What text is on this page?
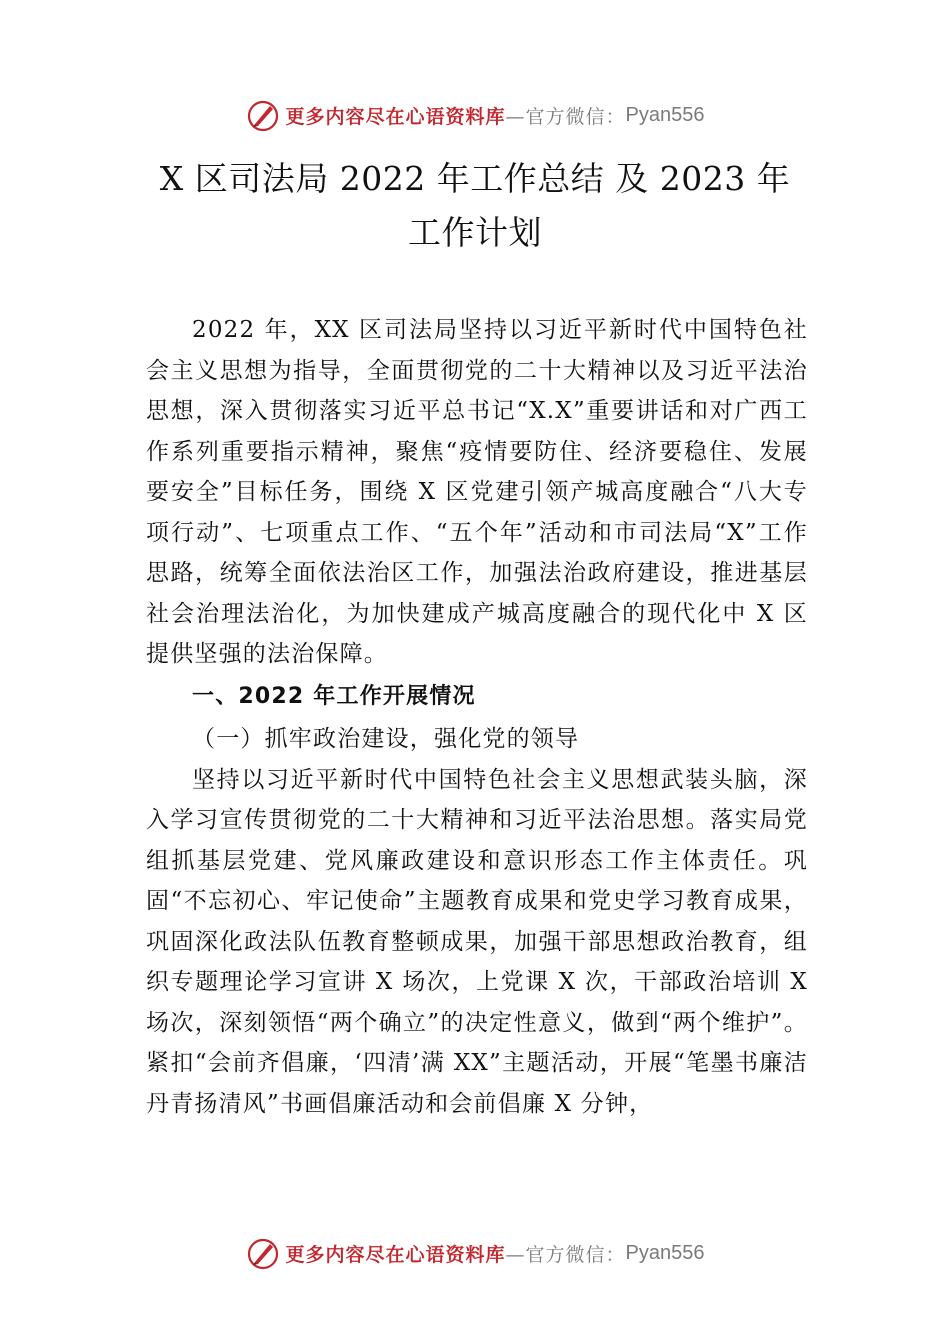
更多内容尽在心语资料库 —官方微信： Pyan556
X 区司法局 2022 年工作总结 及 2023 年工作计划

2022 年，XX 区司法局坚持以习近平新时代中国特色社会主义思想为指导，全面贯彻党的二十大精神以及习近平法治思想，深入贯彻落实习近平总书记“X.X”重要讲话和对广西工作系列重要指示精神，聚焦“疫情要防住、经济要稳住、发展要安全”目标任务，围绕 X 区党建引领产城高度融合“八大专项行动”、七项重点工作、“五个年”活动和市司法局“X”工作思路，统筹全面依法治区工作，加强法治政府建设，推进基层社会治理法治化，为加快建成产城高度融合的现代化中 X 区提供坚强的法治保障。

一、2022 年工作开展情况

（一）抓牢政治建设，强化党的领导

坚持以习近平新时代中国特色社会主义思想武装头脑，深入学习宣传贯彻党的二十大精神和习近平法治思想。落实局党组抓基层党建、党风廉政建设和意识形态工作主体责任。巩固“不忘初心、牢记使命”主题教育成果和党史学习教育成果，巩固深化政法队伍教育整顿成果，加强干部思想政治教育，组织专题理论学习宣讲 X 场次，上党课 X 次，干部政治培训 X 场次，深刻领悟“两个确立”的决定性意义，做到“两个维护”。紧扣“会前齐倡廉，‘四清’满 XX”主题活动，开展“笔墨书廉洁 丹青扬清风”书画倡廉活动和会前倡廉 X 分钟，

更多内容尽在心语资料库 —官方微信： Pyan556
